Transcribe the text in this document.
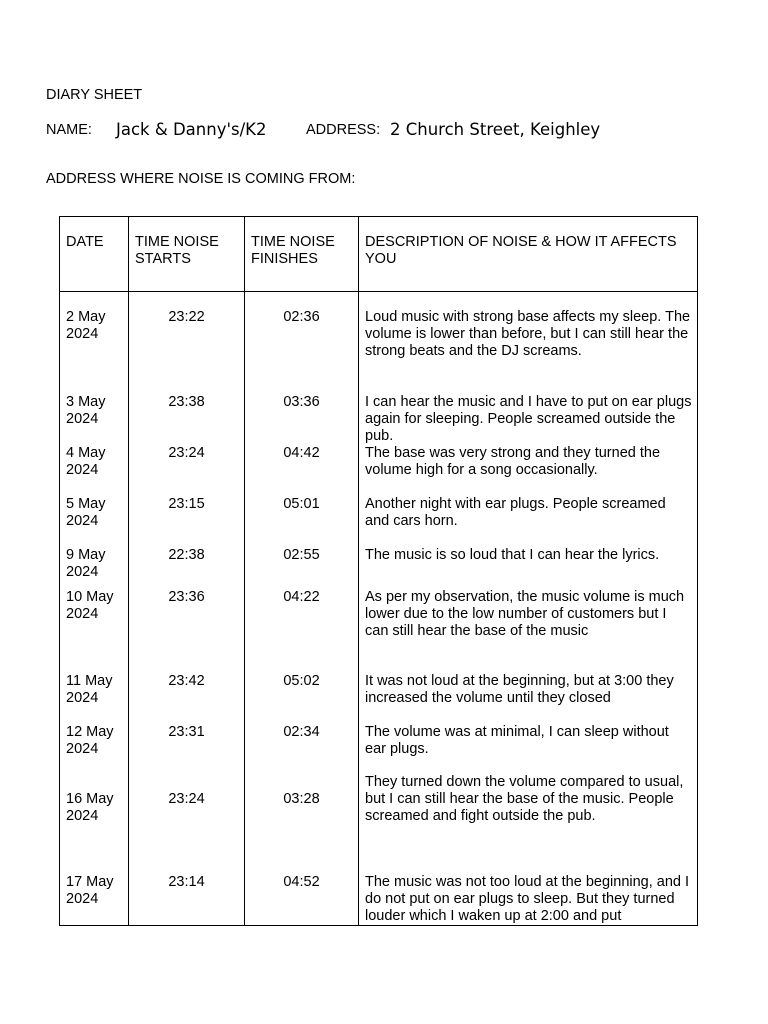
DIARY SHEET
NAME: Jack & Danny's/K2	ADDRESS: 2 Church Street, Keighley
ADDRESS WHERE NOISE IS COMING FROM:
DATE	TIME NOISE STARTS	TIME NOISE FINISHES	DESCRIPTION OF NOISE & HOW IT AFFECTS YOU
2 May 2024	23:22	02:36	Loud music with strong base affects my sleep. The volume is lower than before, but I can still hear the strong beats and the DJ screams.
3 May 2024	23:38	03:36	I can hear the music and I have to put on ear plugs again for sleeping. People screamed outside the pub.
4 May 2024	23:24	04:42	The base was very strong and they turned the volume high for a song occasionally.
5 May 2024	23:15	05:01	Another night with ear plugs. People screamed and cars horn.
9 May 2024	22:38	02:55	The music is so loud that I can hear the lyrics.
10 May 2024	23:36	04:22	As per my observation, the music volume is much lower due to the low number of customers but I can still hear the base of the music
11 May 2024	23:42	05:02	It was not loud at the beginning, but at 3:00 they increased the volume until they closed
12 May 2024	23:31	02:34	The volume was at minimal, I can sleep without ear plugs.
16 May 2024	23:24	03:28	They turned down the volume compared to usual, but I can still hear the base of the music. People screamed and fight outside the pub.
17 May 2024	23:14	04:52	The music was not too loud at the beginning, and I do not put on ear plugs to sleep. But they turned louder which I waken up at 2:00 and put
